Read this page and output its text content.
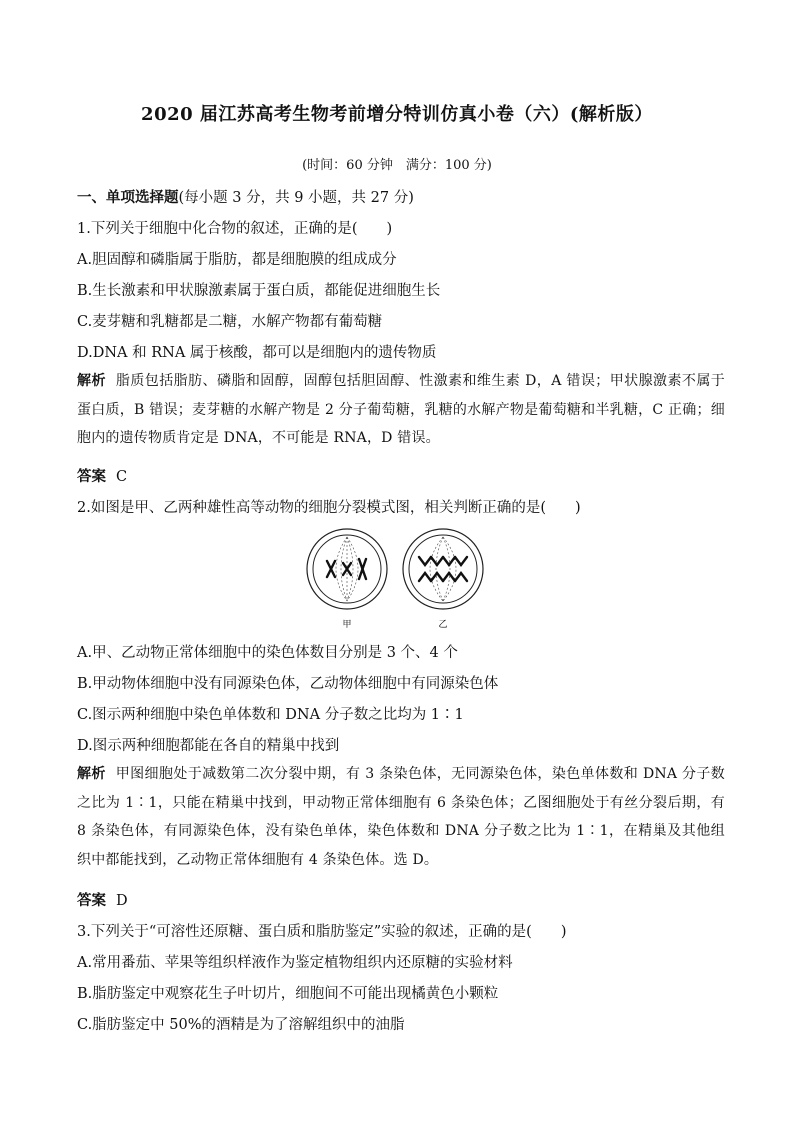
2020 届江苏高考生物考前增分特训仿真小卷（六）(解析版）
(时间：60 分钟　满分：100 分)
一、单项选择题(每小题 3 分，共 9 小题，共 27 分)
1.下列关于细胞中化合物的叙述，正确的是(　　)
A.胆固醇和磷脂属于脂肪，都是细胞膜的组成成分
B.生长激素和甲状腺激素属于蛋白质，都能促进细胞生长
C.麦芽糖和乳糖都是二糖，水解产物都有葡萄糖
D.DNA 和 RNA 属于核酸，都可以是细胞内的遗传物质
解析 脂质包括脂肪、磷脂和固醇，固醇包括胆固醇、性激素和维生素 D，A 错误；甲状腺激素不属于蛋白质，B 错误；麦芽糖的水解产物是 2 分子葡萄糖，乳糖的水解产物是葡萄糖和半乳糖，C 正确；细胞内的遗传物质肯定是 DNA，不可能是 RNA，D 错误。
答案 C
2.如图是甲、乙两种雄性高等动物的细胞分裂模式图，相关判断正确的是(　　)
甲	乙
A.甲、乙动物正常体细胞中的染色体数目分别是 3 个、4 个
B.甲动物体细胞中没有同源染色体，乙动物体细胞中有同源染色体
C.图示两种细胞中染色单体数和 DNA 分子数之比均为 1∶1
D.图示两种细胞都能在各自的精巢中找到
解析 甲图细胞处于减数第二次分裂中期，有 3 条染色体，无同源染色体，染色单体数和 DNA 分子数之比为 1∶1，只能在精巢中找到，甲动物正常体细胞有 6 条染色体；乙图细胞处于有丝分裂后期，有 8 条染色体，有同源染色体，没有染色单体，染色体数和 DNA 分子数之比为 1∶1，在精巢及其他组织中都能找到，乙动物正常体细胞有 4 条染色体。选 D。
答案 D
3.下列关于“可溶性还原糖、蛋白质和脂肪鉴定”实验的叙述，正确的是(　　)
A.常用番茄、苹果等组织样液作为鉴定植物组织内还原糖的实验材料
B.脂肪鉴定中观察花生子叶切片，细胞间不可能出现橘黄色小颗粒
C.脂肪鉴定中 50%的酒精是为了溶解组织中的油脂
